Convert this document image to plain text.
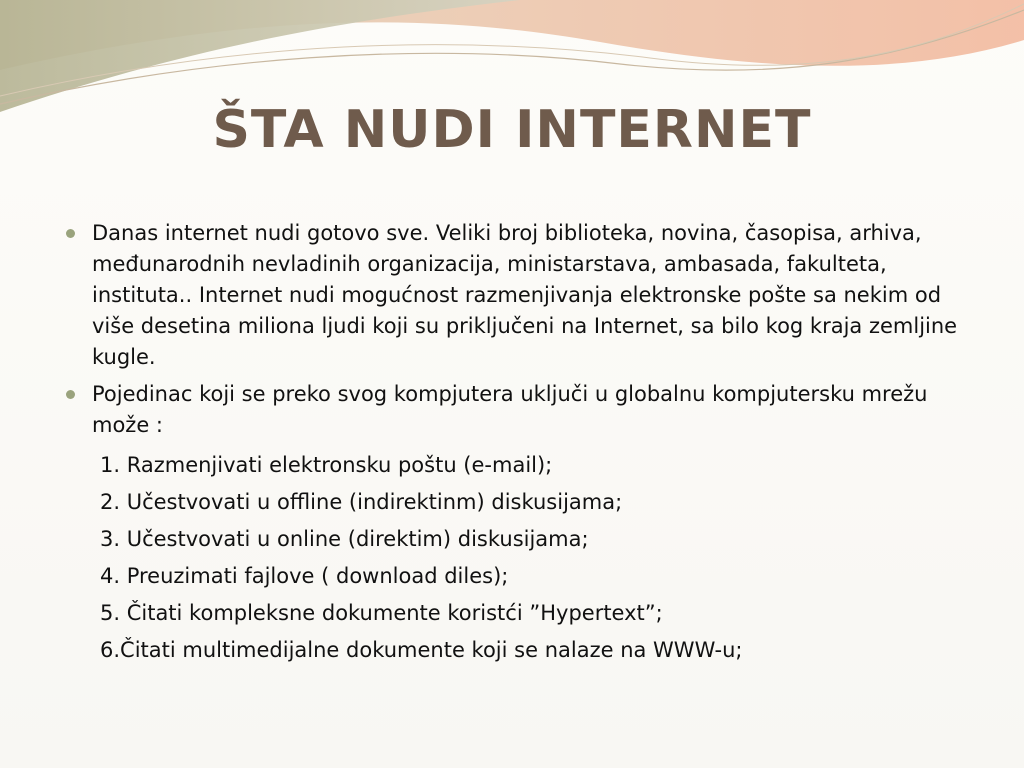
ŠTA NUDI INTERNET
Danas internet nudi gotovo sve. Veliki broj biblioteka, novina, časopisa, arhiva, međunarodnih nevladinih organizacija, ministarstava, ambasada, fakulteta, instituta.. Internet nudi mogućnost razmenjivanja elektronske pošte sa nekim od više desetina miliona ljudi koji su priključeni na Internet, sa bilo kog kraja zemljine kugle.
Pojedinac koji se preko svog kompjutera uključi u globalnu kompjutersku mrežu može :
1. Razmenjivati elektronsku poštu (e-mail);
2. Učestvovati u offline (indirektinm) diskusijama;
3. Učestvovati u online (direktim) diskusijama;
4. Preuzimati fajlove ( download diles);
5. Čitati kompleksne dokumente koristći ”Hypertext”;
6.Čitati multimedijalne dokumente koji se nalaze na WWW-u;
